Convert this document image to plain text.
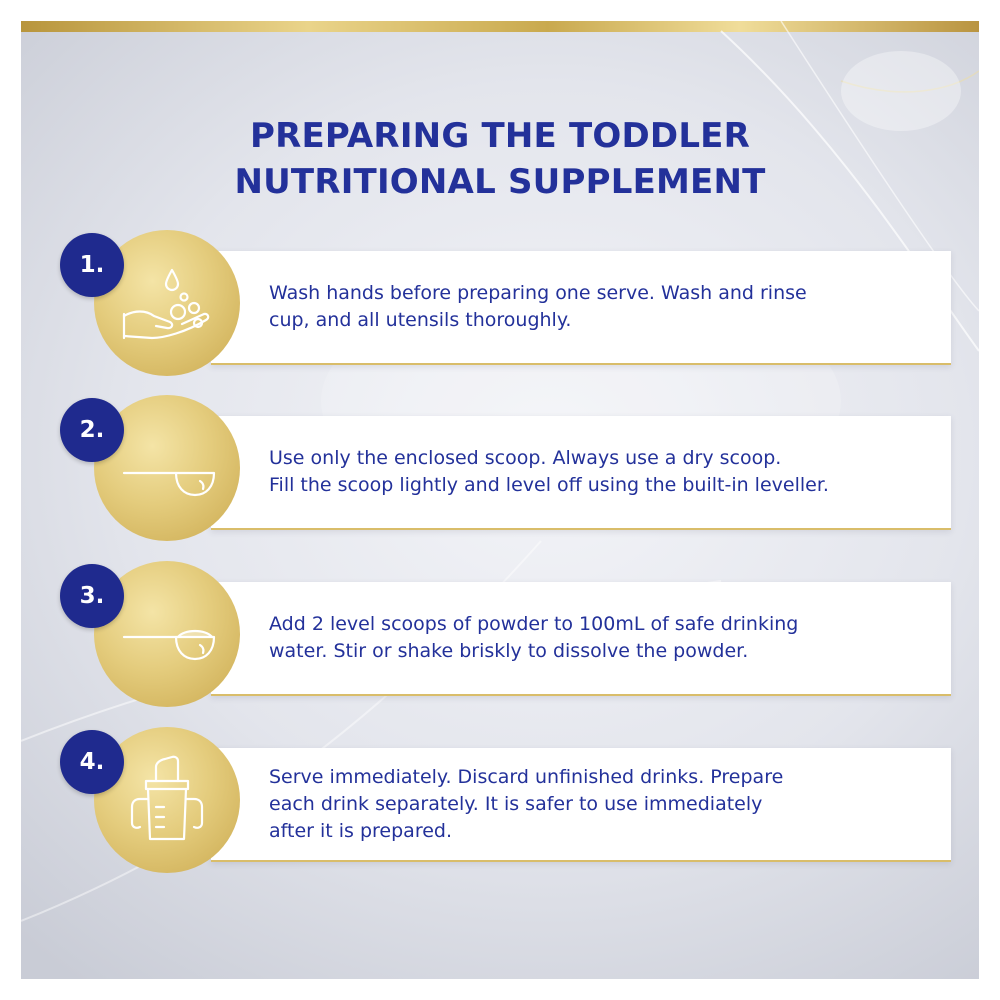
PREPARING THE TODDLER
NUTRITIONAL SUPPLEMENT
Wash hands before preparing one serve. Wash and rinse
cup, and all utensils thoroughly.
1.
Use only the enclosed scoop. Always use a dry scoop.
Fill the scoop lightly and level off using the built-in leveller.
2.
Add 2 level scoops of powder to 100mL of safe drinking
water. Stir or shake briskly to dissolve the powder.
3.
Serve immediately. Discard unfinished drinks. Prepare
each drink separately. It is safer to use immediately
after it is prepared.
4.
